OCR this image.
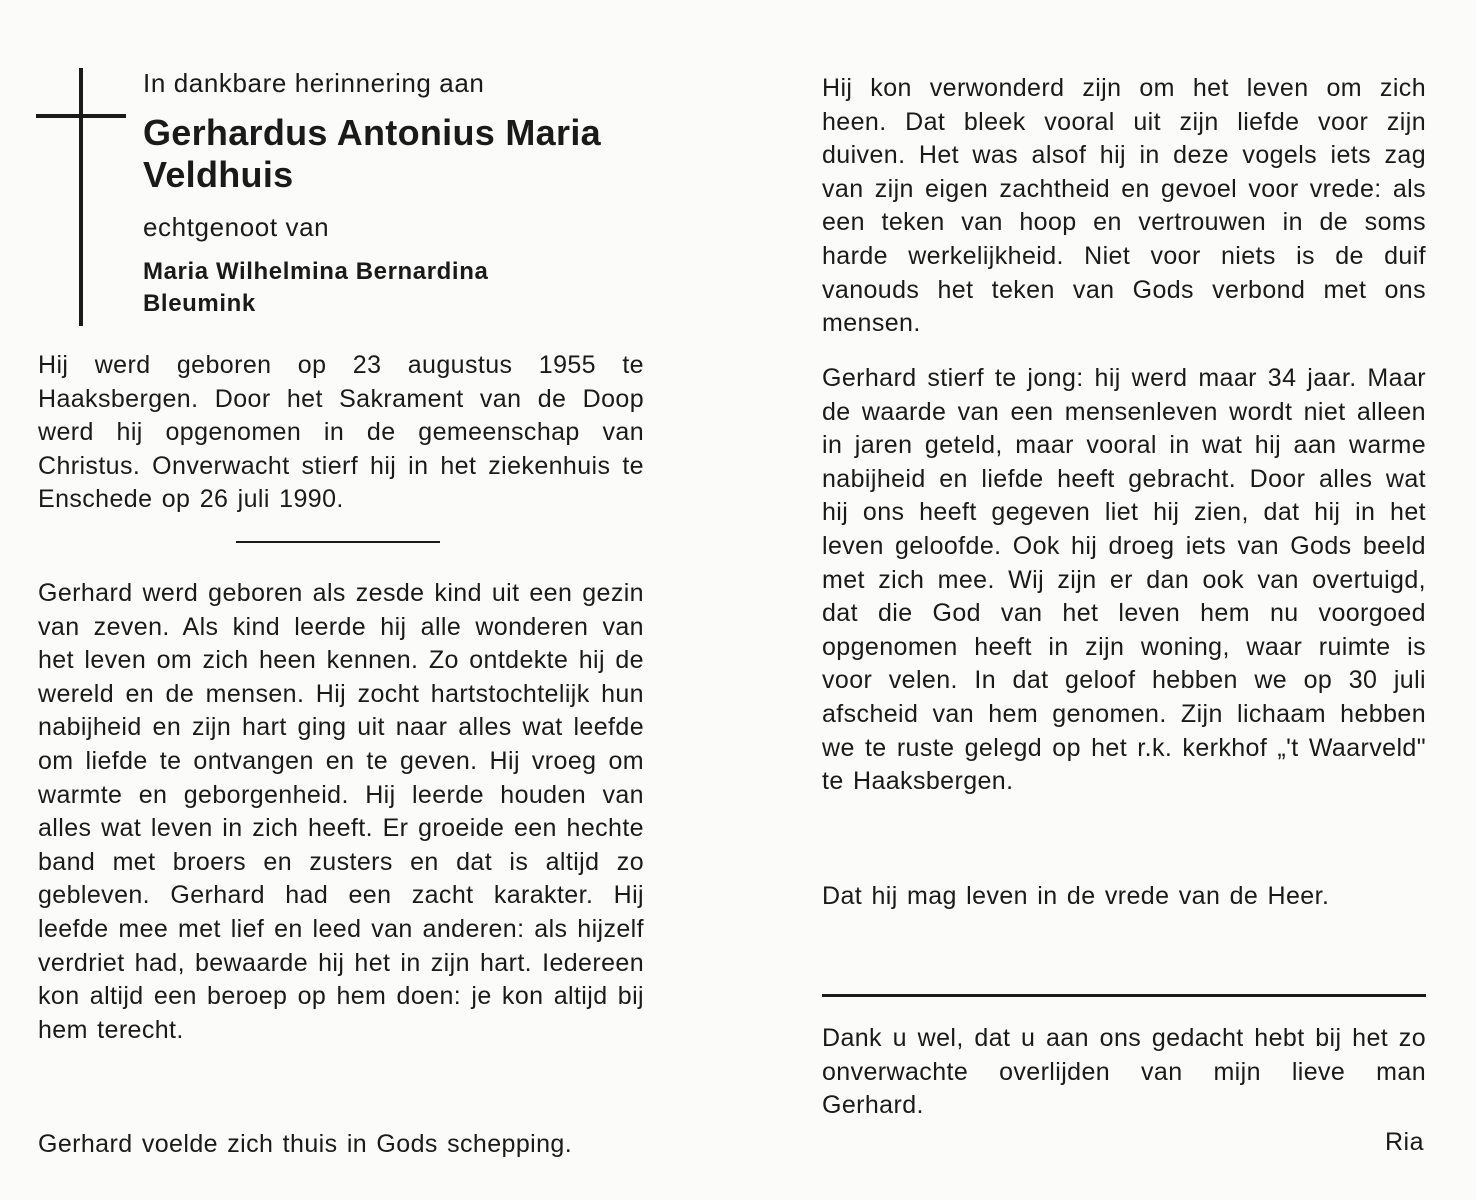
In dankbare herinnering aan
Gerhardus Antonius Maria Veldhuis
echtgenoot van
Maria Wilhelmina Bernardina Bleumink

Hij werd geboren op 23 augustus 1955 te Haaksbergen. Door het Sakrament van de Doop werd hij opgenomen in de gemeenschap van Christus. Onverwacht stierf hij in het ziekenhuis te Enschede op 26 juli 1990.

Gerhard werd geboren als zesde kind uit een gezin van zeven. Als kind leerde hij alle wonderen van het leven om zich heen kennen. Zo ontdekte hij de wereld en de mensen. Hij zocht hartstochtelijk hun nabijheid en zijn hart ging uit naar alles wat leefde om liefde te ontvangen en te geven. Hij vroeg om warmte en geborgenheid. Hij leerde houden van alles wat leven in zich heeft. Er groeide een hechte band met broers en zusters en dat is altijd zo gebleven. Gerhard had een zacht karakter. Hij leefde mee met lief en leed van anderen: als hijzelf verdriet had, bewaarde hij het in zijn hart. Iedereen kon altijd een beroep op hem doen: je kon altijd bij hem terecht.

Gerhard voelde zich thuis in Gods schepping.

Hij kon verwonderd zijn om het leven om zich heen. Dat bleek vooral uit zijn liefde voor zijn duiven. Het was alsof hij in deze vogels iets zag van zijn eigen zachtheid en gevoel voor vrede: als een teken van hoop en vertrouwen in de soms harde werkelijkheid. Niet voor niets is de duif vanouds het teken van Gods verbond met ons mensen.

Gerhard stierf te jong: hij werd maar 34 jaar. Maar de waarde van een mensenleven wordt niet alleen in jaren geteld, maar vooral in wat hij aan warme nabijheid en liefde heeft gebracht. Door alles wat hij ons heeft gegeven liet hij zien, dat hij in het leven geloofde. Ook hij droeg iets van Gods beeld met zich mee. Wij zijn er dan ook van overtuigd, dat die God van het leven hem nu voorgoed opgenomen heeft in zijn woning, waar ruimte is voor velen. In dat geloof hebben we op 30 juli afscheid van hem genomen. Zijn lichaam hebben we te ruste gelegd op het r.k. kerkhof „'t Waarveld" te Haaksbergen.

Dat hij mag leven in de vrede van de Heer.

Dank u wel, dat u aan ons gedacht hebt bij het zo onverwachte overlijden van mijn lieve man Gerhard.

Ria
